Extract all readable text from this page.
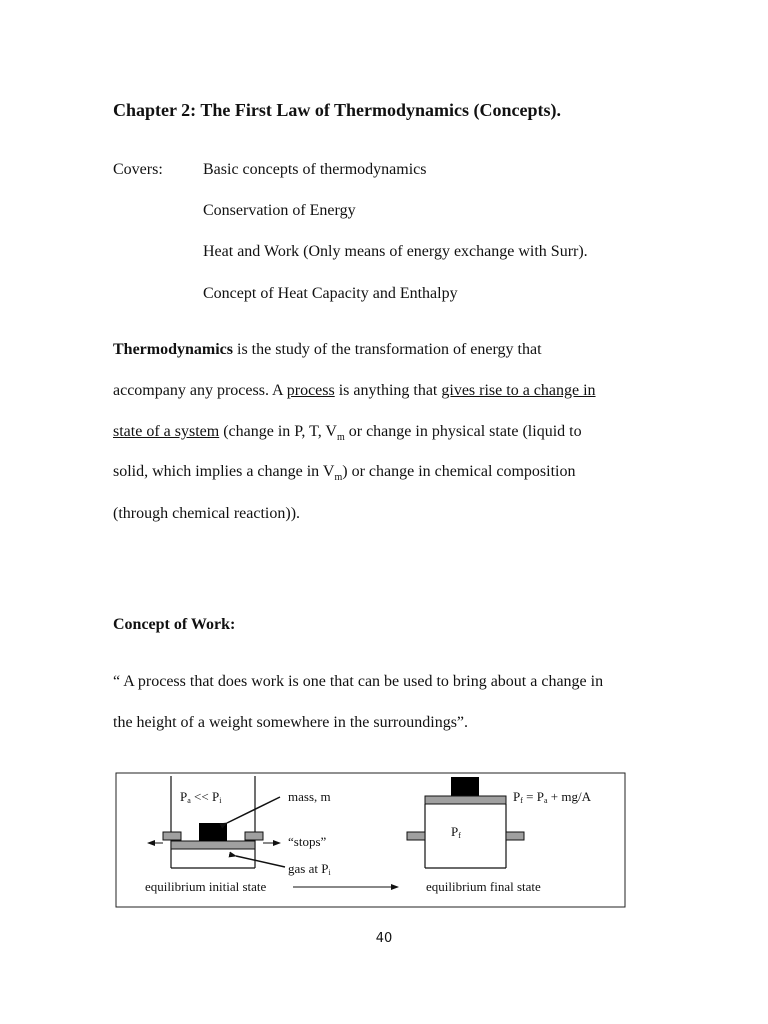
Chapter 2: The First Law of Thermodynamics (Concepts).
Covers:	Basic concepts of thermodynamics
Conservation of Energy
Heat and Work (Only means of energy exchange with Surr).
Concept of Heat Capacity and Enthalpy
Thermodynamics is the study of the transformation of energy that
accompany any process. A process is anything that gives rise to a change in
state of a system (change in P, T, $V_m$ or change in physical state (liquid to
solid, which implies a change in $V_m$) or change in chemical composition
(through chemical reaction)).
Concept of Work:
“ A process that does work is one that can be used to bring about a change in
the height of a weight somewhere in the surroundings”.
Pa << Pi	mass, m
“stops”
gas at Pi
equilibrium initial state
Pf
Pf = Pa + mg/A
equilibrium final state
40
